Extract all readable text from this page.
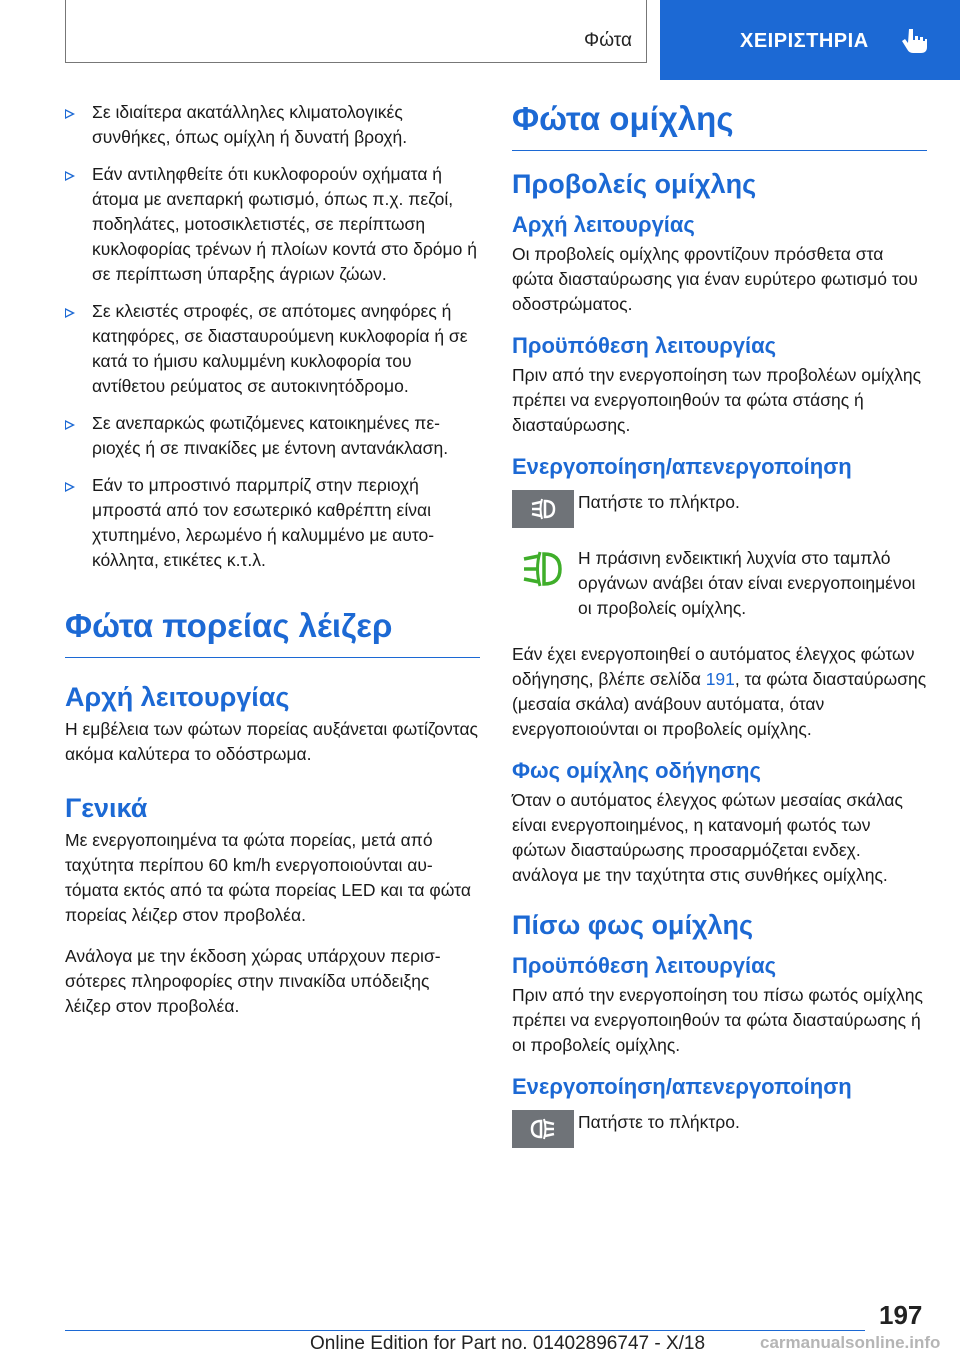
Φώτα	ΧΕΙΡΙΣΤΗΡΙΑ
Σε ιδιαίτερα ακατάλληλες κλιματολογικές συνθήκες, όπως ομίχλη ή δυνατή βροχή.
Εάν αντιληφθείτε ότι κυκλοφορούν οχήματα ή άτομα με ανεπαρκή φωτισμό, όπως π.χ. πεζοί, ποδηλάτες, μοτοσικλετιστές, σε περίπτωση κυκλοφορίας τρένων ή πλοίων κοντά στο δρόμο ή σε περίπτωση ύπαρξης άγριων ζώων.
Σε κλειστές στροφές, σε απότομες ανηφόρες ή κατηφόρες, σε διασταυρούμενη κυκλοφορία ή σε κατά το ήμισυ καλυμμένη κυκλοφορία του αντίθετου ρεύματος σε αυτοκινητόδρομο.
Σε ανεπαρκώς φωτιζόμενες κατοικημένες περιοχές ή σε πινακίδες με έντονη αντανάκλαση.
Εάν το μπροστινό παρμπρίζ στην περιοχή μπροστά από τον εσωτερικό καθρέπτη είναι χτυπημένο, λερωμένο ή καλυμμένο με αυτοκόλλητα, ετικέτες κ.τ.λ.
Φώτα πορείας λέιζερ
Αρχή λειτουργίας

Η εμβέλεια των φώτων πορείας αυξάνεται φωτίζοντας ακόμα καλύτερα το οδόστρωμα.

Γενικά

Με ενεργοποιημένα τα φώτα πορείας, μετά από ταχύτητα περίπου 60 km/h ενεργοποιούνται αυτόματα εκτός από τα φώτα πορείας LED και τα φώτα πορείας λέιζερ στον προβολέα.

Ανάλογα με την έκδοση χώρας υπάρχουν περισσότερες πληροφορίες στην πινακίδα υπόδειξης λέιζερ στον προβολέα.

Φώτα ομίχλης
Προβολείς ομίχλης
Αρχή λειτουργίας

Οι προβολείς ομίχλης φροντίζουν πρόσθετα στα φώτα διασταύρωσης για έναν ευρύτερο φωτισμό του οδοστρώματος.

Προϋπόθεση λειτουργίας

Πριν από την ενεργοποίηση των προβολέων ομίχλης πρέπει να ενεργοποιηθούν τα φώτα στάσης ή διασταύρωσης.

Ενεργοποίηση/απενεργοποίηση
Πατήστε το πλήκτρο.
Η πράσινη ενδεικτική λυχνία στο ταμπλό οργάνων ανάβει όταν είναι ενεργοποιημένοι οι προβολείς ομίχλης.

Εάν έχει ενεργοποιηθεί ο αυτόματος έλεγχος φώτων οδήγησης, βλέπε σελίδα 191, τα φώτα διασταύρωσης (μεσαία σκάλα) ανάβουν αυτόματα, όταν ενεργοποιούνται οι προβολείς ομίχλης.

Φως ομίχλης οδήγησης

Όταν ο αυτόματος έλεγχος φώτων μεσαίας σκάλας είναι ενεργοποιημένος, η κατανομή φωτός των φώτων διασταύρωσης προσαρμόζεται ενδεχ. ανάλογα με την ταχύτητα στις συνθήκες ομίχλης.

Πίσω φως ομίχλης
Προϋπόθεση λειτουργίας

Πριν από την ενεργοποίηση του πίσω φωτός ομίχλης πρέπει να ενεργοποιηθούν τα φώτα διασταύρωσης ή οι προβολείς ομίχλης.

Ενεργοποίηση/απενεργοποίηση
Πατήστε το πλήκτρο.
197
Online Edition for Part no. 01402896747 - X/18	carmanualsonline.info
